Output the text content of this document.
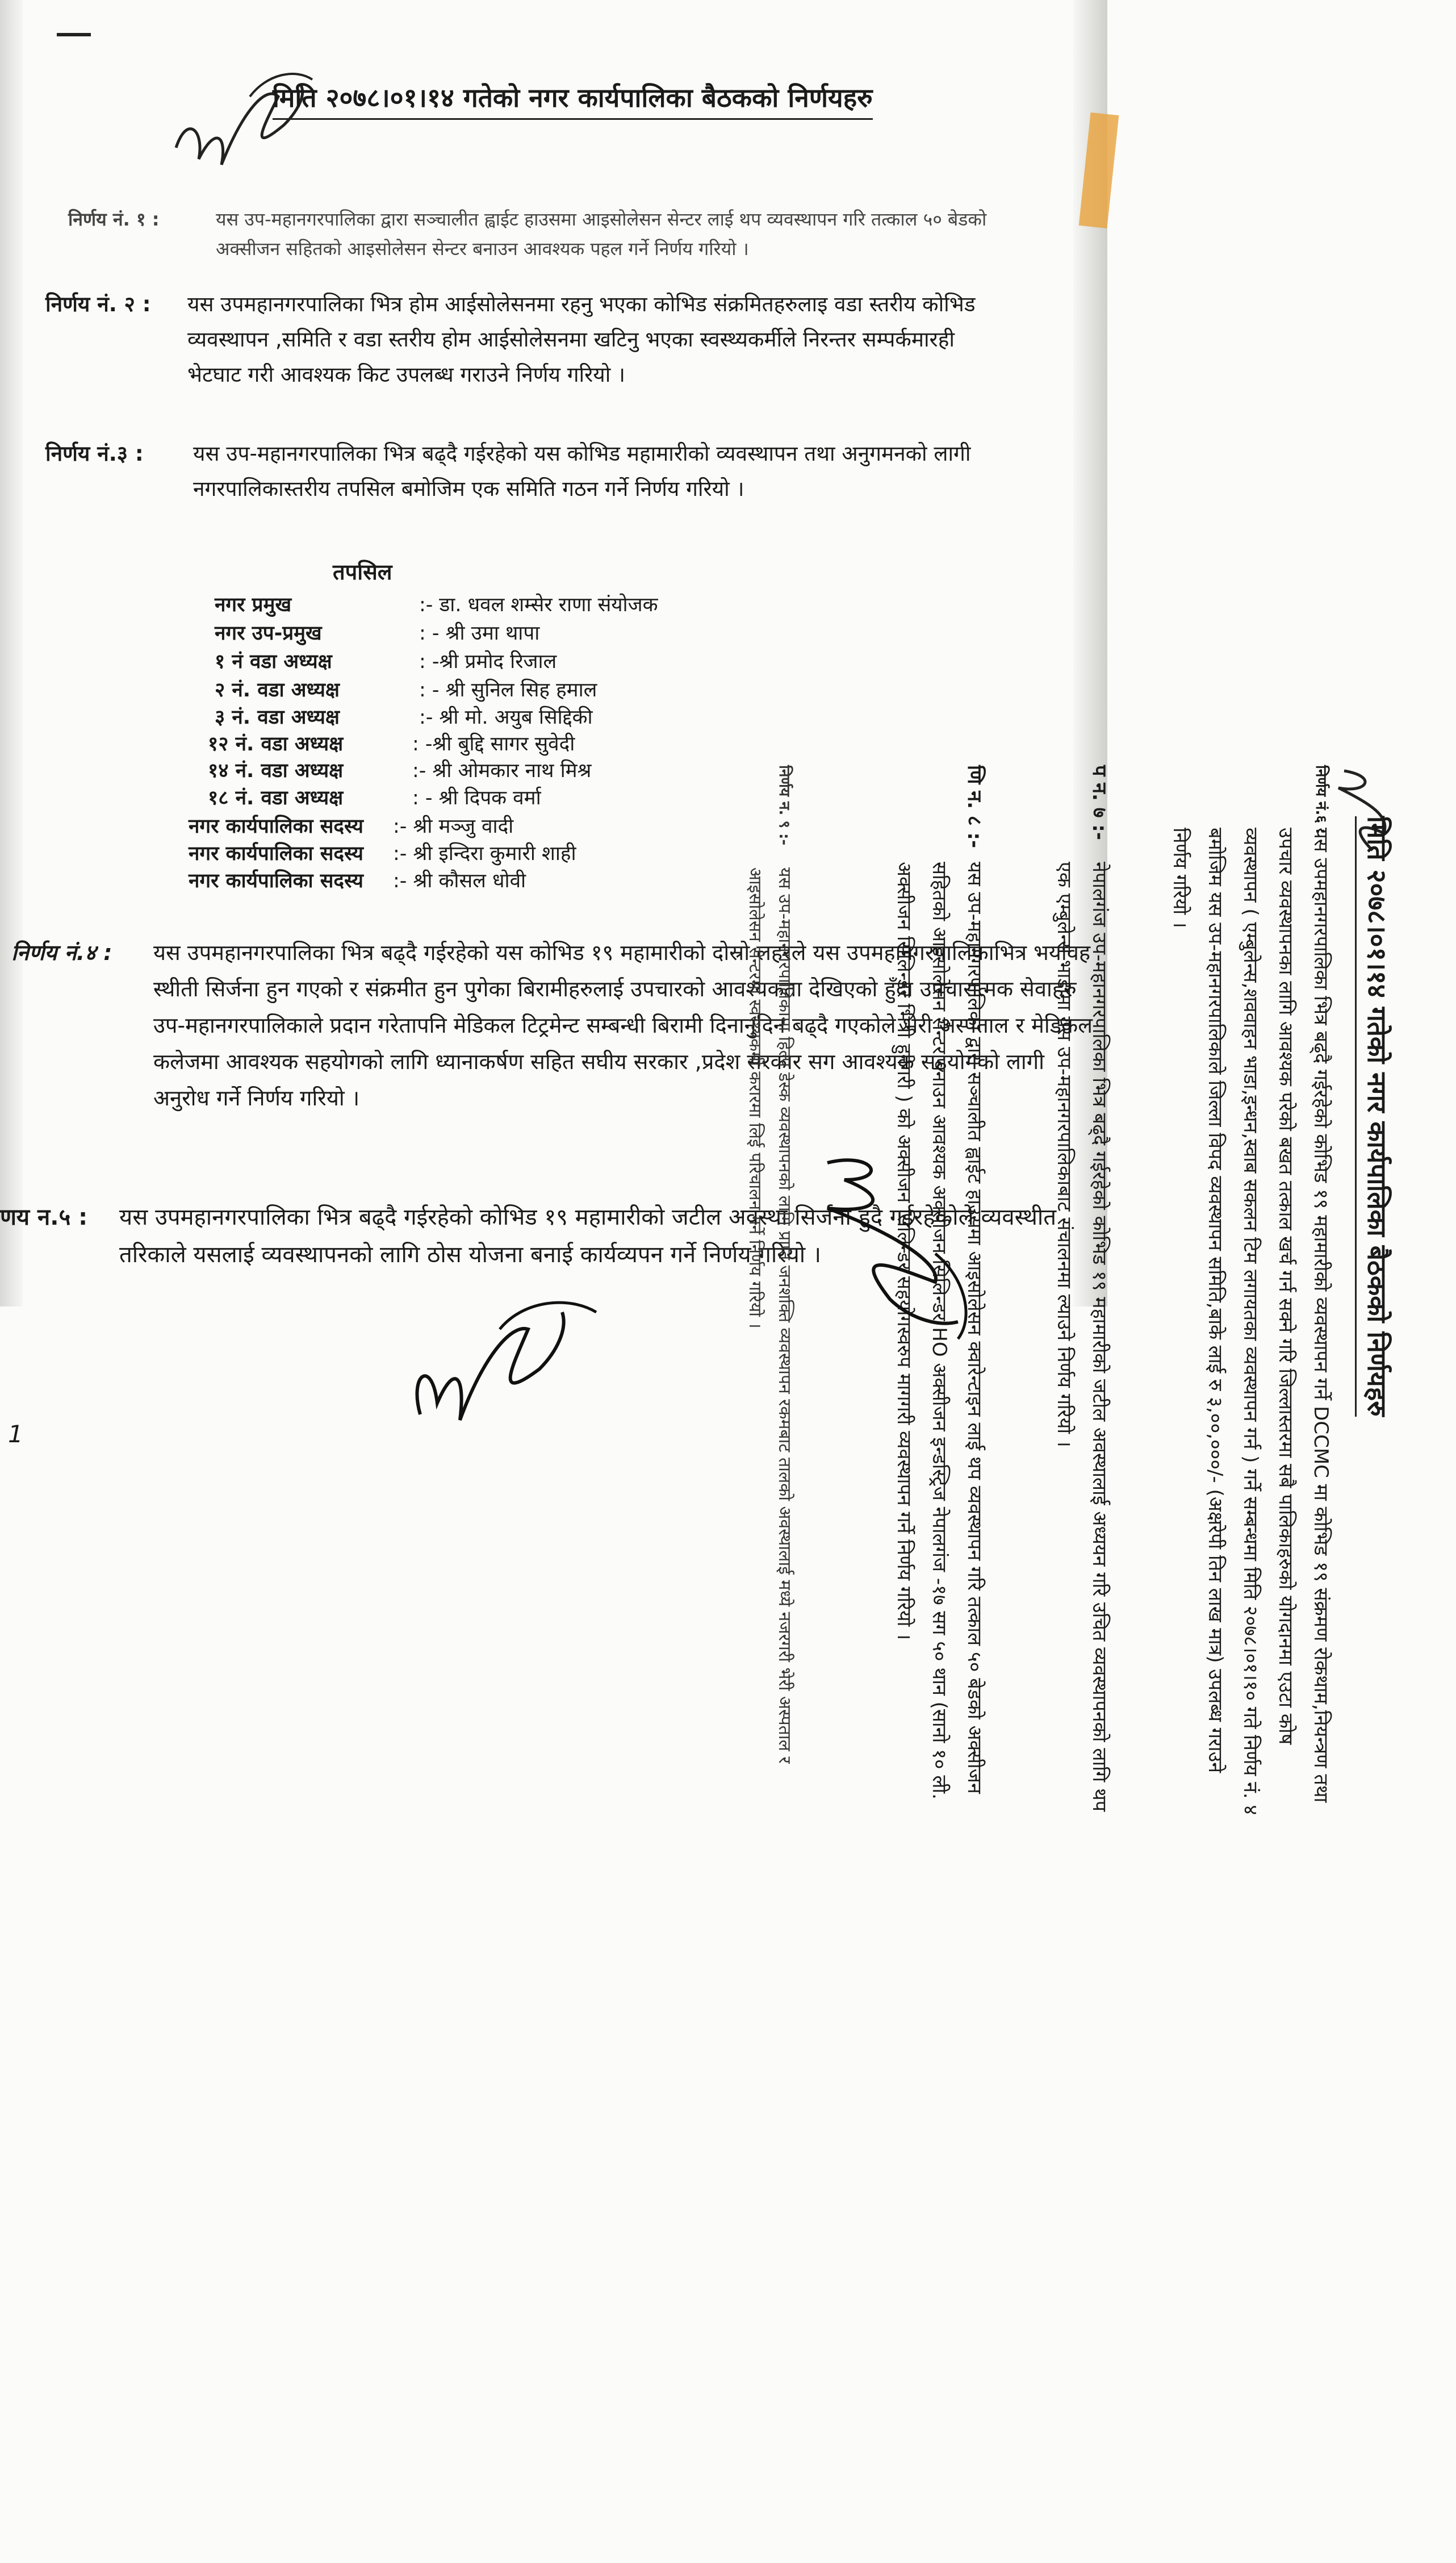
मिति २०७८।०१।१४ गतेको नगर कार्यपालिका बैठकको निर्णयहरु
निर्णय नं. १ :	यस उप-महानगरपालिका द्वारा सञ्चालीत ह्वाईट हाउसमा आइसोलेसन सेन्टर लाई थप व्यवस्थापन गरि तत्काल ५० बेडको अक्सीजन सहितको आइसोलेसन सेन्टर बनाउन आवश्यक पहल गर्ने निर्णय गरियो ।
निर्णय नं. २ : यस उपमहानगरपालिका भित्र होम आईसोलेसनमा रहनु भएका कोभिड संक्रमितहरुलाइ वडा स्तरीय कोभिड व्यवस्थापन ,समिति र वडा स्तरीय होम आईसोलेसनमा खटिनु भएका स्वस्थ्यकर्मीले निरन्तर सम्पर्कमारही भेटघाट गरी आवश्यक किट उपलब्ध गराउने निर्णय गरियो ।
निर्णय नं.३ : यस उप-महानगरपालिका भित्र बढ्दै गईरहेको यस कोभिड महामारीको व्यवस्थापन तथा अनुगमनको लागी नगरपालिकास्तरीय तपसिल बमोजिम एक समिति गठन गर्ने निर्णय गरियो ।
तपसिल
नगर प्रमुख	:- डा. धवल शम्सेर राणा संयोजक
नगर उप-प्रमुख	: - श्री उमा थापा
१ नं वडा अध्यक्ष	: -श्री प्रमोद रिजाल
२ नं. वडा अध्यक्ष	: - श्री सुनिल सिह हमाल
३ नं. वडा अध्यक्ष	:- श्री मो. अयुब सिद्दिकी
१२ नं. वडा अध्यक्ष	: -श्री बुद्दि सागर सुवेदी
१४ नं. वडा अध्यक्ष	:- श्री ओमकार नाथ मिश्र
१८ नं. वडा अध्यक्ष	: - श्री दिपक वर्मा
नगर कार्यपालिका सदस्य :- श्री मञ्जु वादी
नगर कार्यपालिका सदस्य :- श्री इन्दिरा कुमारी शाही
नगर कार्यपालिका सदस्य :- श्री कौसल धोवी
निर्णय नं.४ : यस उपमहानगरपालिका भित्र बढ्दै गईरहेको यस कोभिड १९ महामारीको दोस्रो लहरले यस उपमहानगरपालिकाभित्र भयावह स्थीती सिर्जना हुन गएको र संक्रमीत हुन पुगेका बिरामीहरुलाई उपचारको आवश्यकता देखिएको हुँदा उपचारात्मक सेवाहरु उप-महानगरपालिकाले प्रदान गरेतापनि मेडिकल टिट्रमेन्ट सम्बन्धी बिरामी दिनानुदिन बढ्दै गएकोले भेरी अस्पताल र मेडिकल कलेजमा आवश्यक सहयोगको लागि ध्यानाकर्षण सहित सघीय सरकार ,प्रदेश सरकार सग आवश्यक सहयोगको लागी अनुरोध गर्ने निर्णय गरियो ।
णय न.५ : यस उपमहानगरपालिका भित्र बढ्दै गईरहेको कोभिड १९ महामारीको जटील अवस्था सिर्जना हुदै गईरहेकोले व्यवस्थीत तरिकाले यसलाई व्यवस्थापनको लागि ठोस योजना बनाई कार्यव्यपन गर्ने निर्णय गरियो ।
1
मिति २०७८।०१।१४ गतेको नगर कार्यपालिका बैठकको निर्णयहरु
निर्णय नं.६ :
यस उपमहानगरपालिका भित्र बढ्दै गईरहेको कोभिड १९ महामारीको व्यवस्थापन गर्ने DCCMC मा कोभिड १९ संक्रमण रोकथाम,नियन्त्रण तथा उपचार व्यवस्थापनका लागि आवश्यक परेको बखत तत्काल खर्च गर्न सक्ने गरि जिल्लास्तरमा सबै पालिकाहरुको योगदानमा एउटा कोष व्यवस्थापन ( एम्बुलेन्स,शववाहन भाडा,इन्धन,स्वाब सकलन टिम लगायतका व्यवस्थापन गर्न ) गर्ने सम्बन्धमा मिति २०७८।०१।१० गते निर्णय नं. ४ बमोजिम यस उप-महानगरपालिकाले जिल्ला विपद व्यवस्थापन समिति,बाके लाई रु ३,००,०००/- (अक्षरेपी तिन लाख मात्र) उपलब्ध गराउने निर्णय गरियो ।
प न. ७ :-
नेपालगंज उप-महानगरपालिका भित्र बढ्दै गईरहेको कोभिड १९ महामारीको जटील अवस्थालाई अध्ययन गरि उचित व्यवस्थापनको लागि थप एक एम्बुलेन्स भाडामा यस उप-महानगरपालिकाबाट संचालनमा ल्याउने निर्णय गरियो ।
णि न. ८ :-
यस उप-महानगरपालिका द्वारा सञ्चालीत ह्वाईट हाउसमा आइसोलेसन क्वारेन्टाइन लाई थप व्यवस्थापन गरि तत्काल ५० बेडको अक्सीजन सहितको आइसोलेसन सेन्टर बनाउन आवश्यक अक्सीजन सिलिन्डर HO अक्सीजन इन्डस्ट्रिज नेपालगंज -१७ सग ५० थान (सानो १० ली. अक्सीजन सिलिन्डर भित्री हुनेगरी ) को अक्सीजन सिलिन्डर सहयोगस्वरुप मागगरी व्यवस्थापन गर्ने निर्णय गरियो ।
निर्णय न. ९ :-
यस उप-महानगरपालिकामा हिल्प डेस्क व्यवस्थापनको लागि प्राप्त जनशक्ति व्यवस्थापन रकमबाट तालको अवस्थालाई मध्ये नजरगरी भेरी अस्पताल र आइसोलेसन सेन्टरमा स्वस्थ्यकर्मी करारमा लिई परिचालन गर्ने निर्णय गरियो ।
